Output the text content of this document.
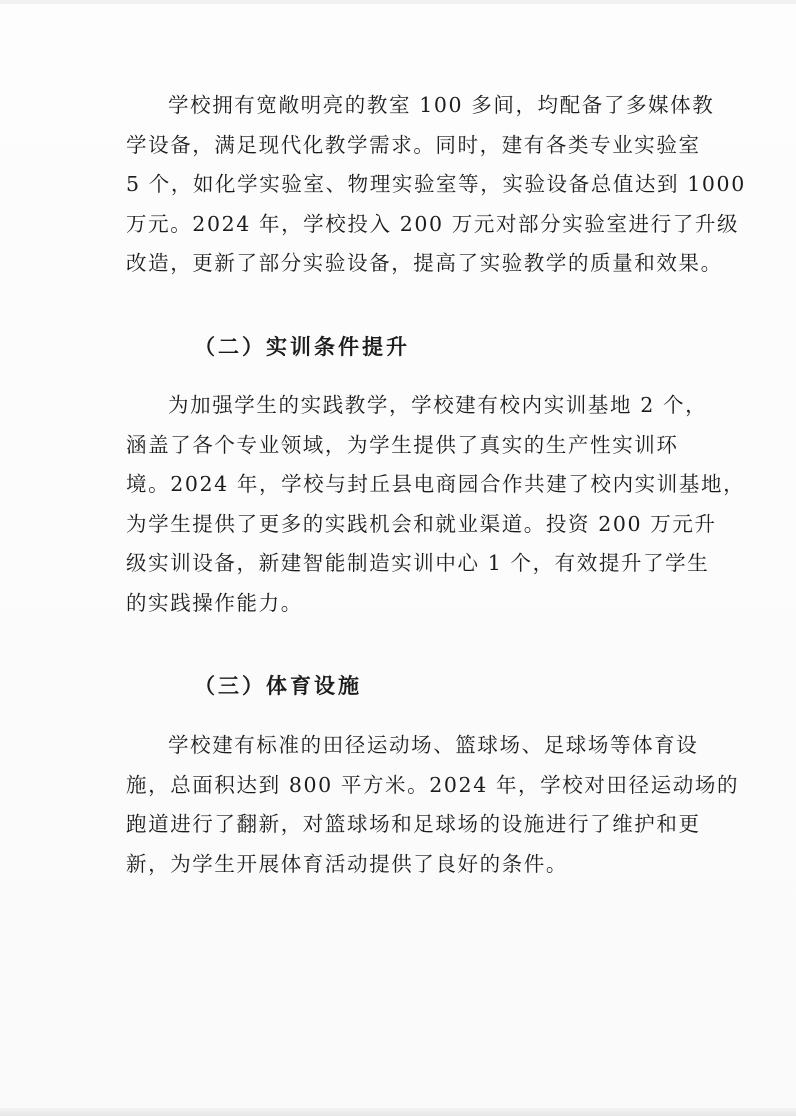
学校拥有宽敞明亮的教室 100 多间，均配备了多媒体教
学设备，满足现代化教学需求。同时，建有各类专业实验室
5 个，如化学实验室、物理实验室等，实验设备总值达到 1000
万元。2024 年，学校投入 200 万元对部分实验室进行了升级
改造，更新了部分实验设备，提高了实验教学的质量和效果。

（二）实训条件提升

为加强学生的实践教学，学校建有校内实训基地 2 个，
涵盖了各个专业领域，为学生提供了真实的生产性实训环
境。2024 年，学校与封丘县电商园合作共建了校内实训基地，
为学生提供了更多的实践机会和就业渠道。投资 200 万元升
级实训设备，新建智能制造实训中心 1 个，有效提升了学生
的实践操作能力。

（三）体育设施

学校建有标准的田径运动场、篮球场、足球场等体育设
施，总面积达到 800 平方米。2024 年，学校对田径运动场的
跑道进行了翻新，对篮球场和足球场的设施进行了维护和更
新，为学生开展体育活动提供了良好的条件。
